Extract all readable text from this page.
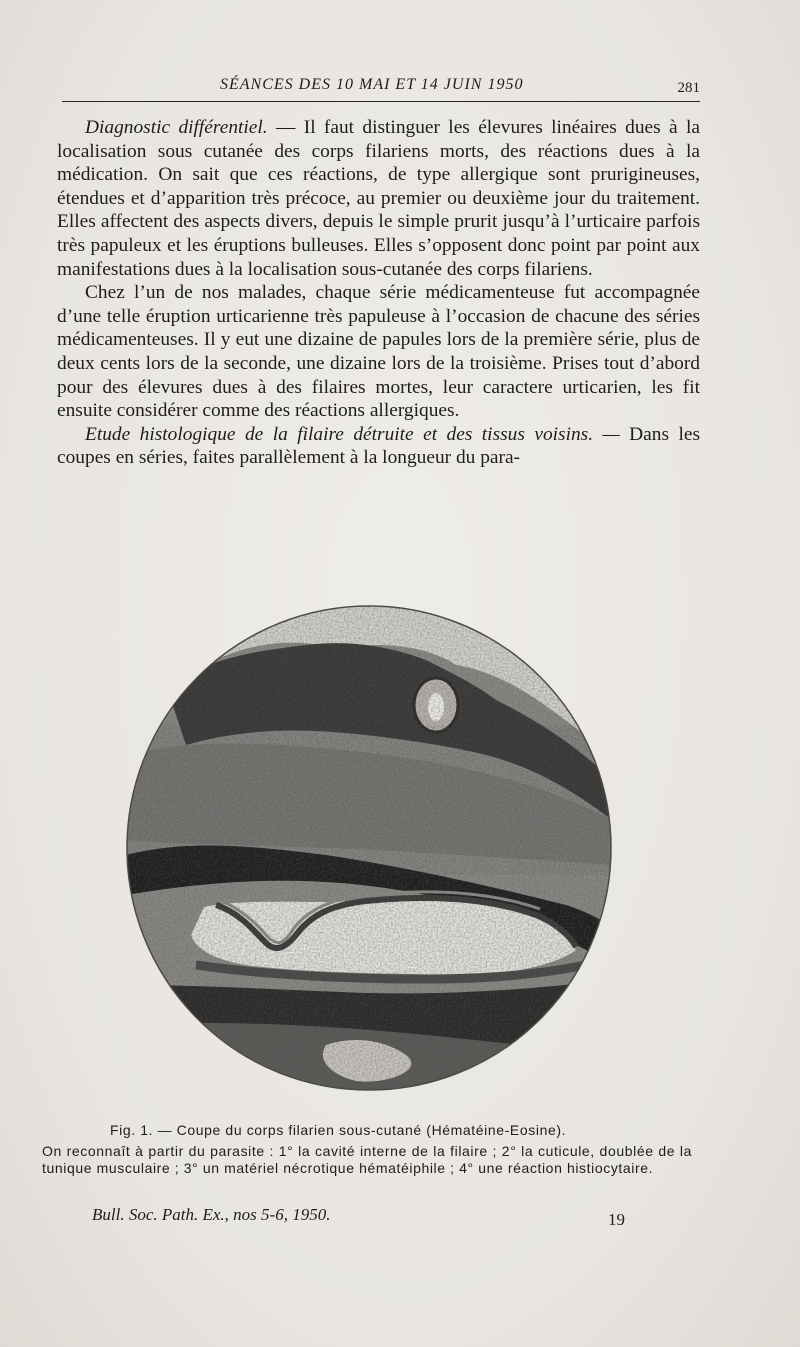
SÉANCES DES 10 MAI ET 14 JUIN 1950	281

Diagnostic différentiel. — Il faut distinguer les élevures linéaires dues à la localisation sous cutanée des corps filariens morts, des réactions dues à la médication. On sait que ces réactions, de type allergique sont prurigineuses, étendues et d’apparition très précoce, au premier ou deuxième jour du traitement. Elles affectent des aspects divers, depuis le simple prurit jusqu’à l’urticaire parfois très papuleux et les éruptions bulleuses. Elles s’opposent donc point par point aux manifestations dues à la localisation sous-cutanée des corps filariens.

Chez l’un de nos malades, chaque série médicamenteuse fut accompagnée d’une telle éruption urticarienne très papuleuse à l’occasion de chacune des séries médicamenteuses. Il y eut une dizaine de papules lors de la première série, plus de deux cents lors de la seconde, une dizaine lors de la troisième. Prises tout d’abord pour des élevures dues à des filaires mortes, leur caractere urticarien, les fit ensuite considérer comme des réactions allergiques.

Etude histologique de la filaire détruite et des tissus voisins. — Dans les coupes en séries, faites parallèlement à la longueur du para-

Fig. 1. — Coupe du corps filarien sous-cutané (Hématéine-Eosine).

On reconnaît à partir du parasite : 1° la cavité interne de la filaire ; 2° la cuticule, doublée de la tunique musculaire ; 3° un matériel nécrotique hématéiphile ; 4° une réaction histiocytaire.

Bull. Soc. Path. Ex., nos 5-6, 1950.	19
